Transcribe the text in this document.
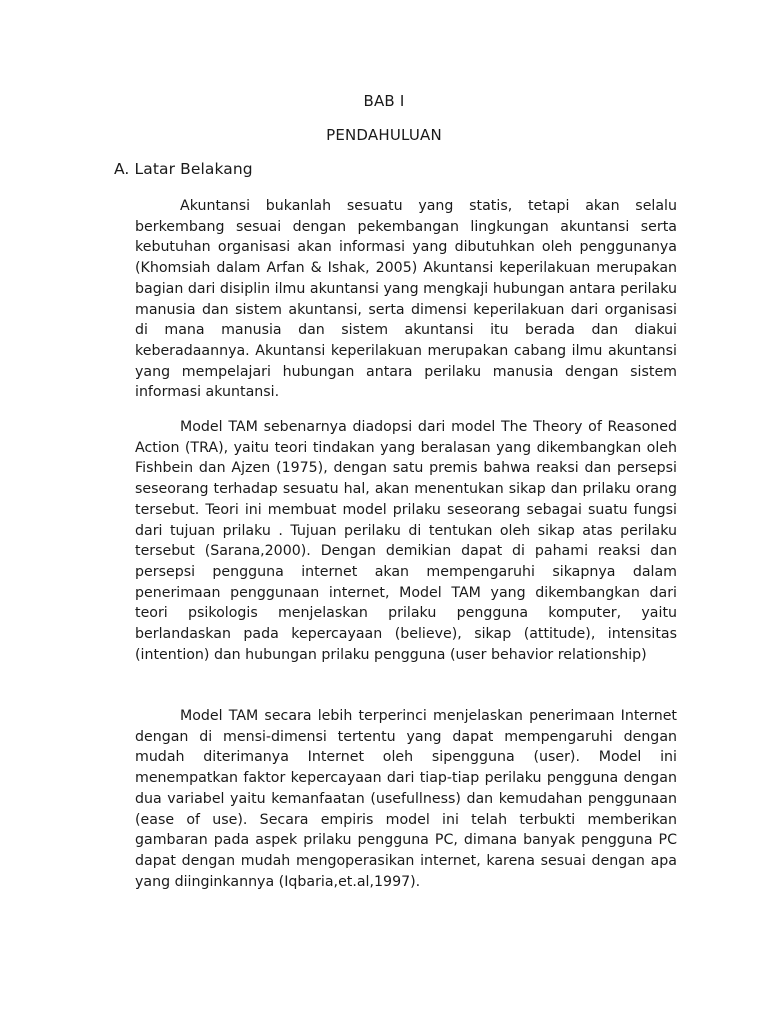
BAB I
PENDAHULUAN
A. Latar Belakang

Akuntansi bukanlah sesuatu yang statis, tetapi akan selalu berkembang sesuai dengan pekembangan lingkungan akuntansi serta kebutuhan organisasi akan informasi yang dibutuhkan oleh penggunanya (Khomsiah dalam Arfan & Ishak, 2005) Akuntansi keperilakuan merupakan bagian dari disiplin ilmu akuntansi yang mengkaji hubungan antara perilaku manusia dan sistem akuntansi, serta dimensi keperilakuan dari organisasi di mana manusia dan sistem akuntansi itu berada dan diakui keberadaannya. Akuntansi keperilakuan merupakan cabang ilmu akuntansi yang mempelajari hubungan antara perilaku manusia dengan sistem informasi akuntansi.

Model TAM sebenarnya diadopsi dari model The Theory of Reasoned Action (TRA), yaitu teori tindakan yang beralasan yang dikembangkan oleh Fishbein dan Ajzen (1975), dengan satu premis bahwa reaksi dan persepsi seseorang terhadap sesuatu hal, akan menentukan sikap dan prilaku orang tersebut. Teori ini membuat model prilaku seseorang sebagai suatu fungsi dari tujuan prilaku . Tujuan perilaku di tentukan oleh sikap atas perilaku tersebut (Sarana,2000). Dengan demikian dapat di pahami reaksi dan persepsi pengguna internet akan mempengaruhi sikapnya dalam penerimaan penggunaan internet, Model TAM yang dikembangkan dari teori psikologis menjelaskan prilaku pengguna komputer, yaitu berlandaskan pada kepercayaan (believe), sikap (attitude), intensitas (intention) dan hubungan prilaku pengguna (user behavior relationship)

Model TAM secara lebih terperinci menjelaskan penerimaan Internet dengan di mensi-dimensi tertentu yang dapat mempengaruhi dengan mudah diterimanya Internet oleh sipengguna (user). Model ini menempatkan faktor kepercayaan dari tiap-tiap perilaku pengguna dengan dua variabel yaitu kemanfaatan (usefullness) dan kemudahan penggunaan (ease of use). Secara empiris model ini telah terbukti memberikan gambaran pada aspek prilaku pengguna PC, dimana banyak pengguna PC dapat dengan mudah mengoperasikan internet, karena sesuai dengan apa yang diinginkannya (Iqbaria,et.al,1997).
